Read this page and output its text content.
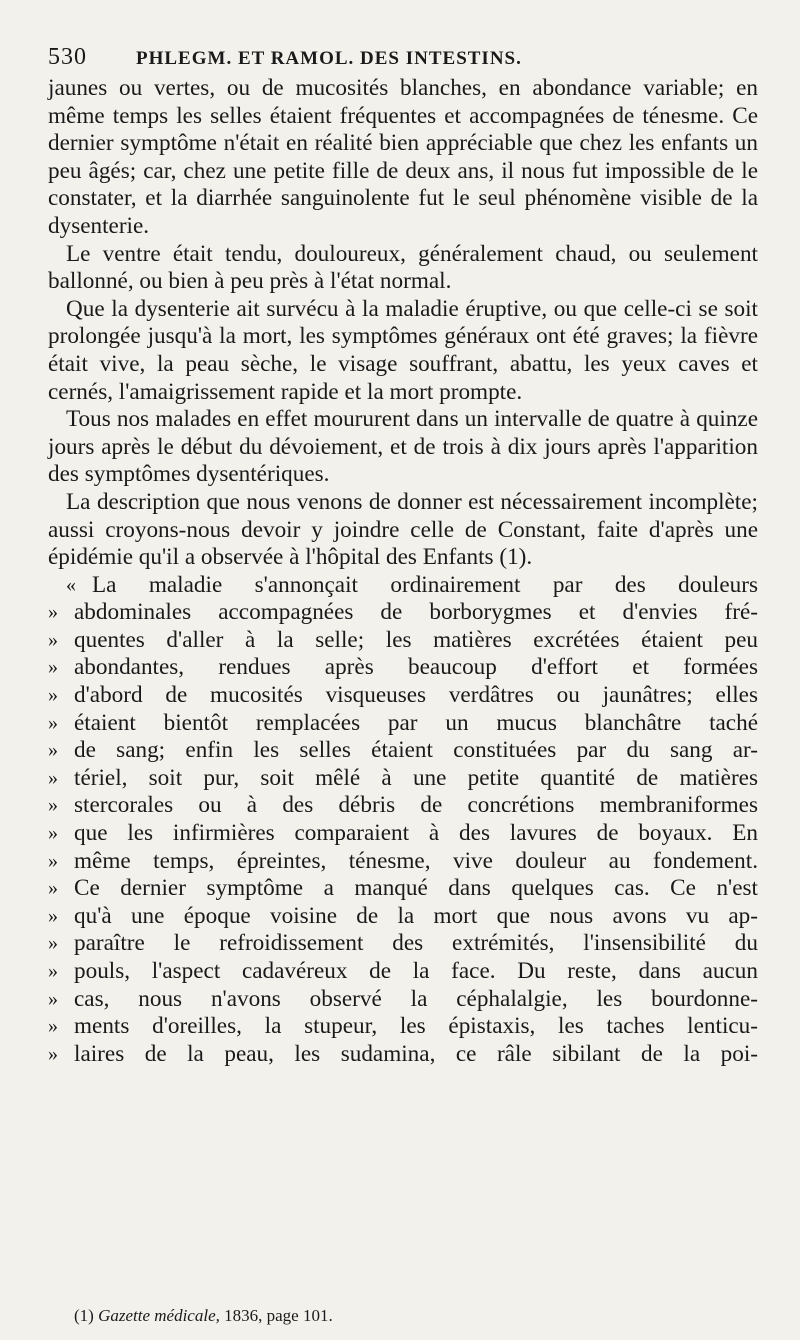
530	PHLEGM. ET RAMOL. DES INTESTINS.

jaunes ou vertes, ou de mucosités blanches, en abondance variable; en même temps les selles étaient fréquentes et accompagnées de ténesme. Ce dernier symptôme n'était en réalité bien appréciable que chez les enfants un peu âgés; car, chez une petite fille de deux ans, il nous fut impossible de le constater, et la diarrhée sanguinolente fut le seul phénomène visible de la dysenterie.

Le ventre était tendu, douloureux, généralement chaud, ou seulement ballonné, ou bien à peu près à l'état normal.

Que la dysenterie ait survécu à la maladie éruptive, ou que celle-ci se soit prolongée jusqu'à la mort, les symptômes généraux ont été graves; la fièvre était vive, la peau sèche, le visage souffrant, abattu, les yeux caves et cernés, l'amaigrissement rapide et la mort prompte.

Tous nos malades en effet moururent dans un intervalle de quatre à quinze jours après le début du dévoiement, et de trois à dix jours après l'apparition des symptômes dysentériques.

La description que nous venons de donner est nécessairement incomplète; aussi croyons-nous devoir y joindre celle de Constant, faite d'après une épidémie qu'il a observée à l'hôpital des Enfants (1).

« La maladie s'annonçait ordinairement par des douleurs
» abdominales accompagnées de borborygmes et d'envies fré-
» quentes d'aller à la selle; les matières excrétées étaient peu
» abondantes, rendues après beaucoup d'effort et formées
» d'abord de mucosités visqueuses verdâtres ou jaunâtres; elles
» étaient bientôt remplacées par un mucus blanchâtre taché
» de sang; enfin les selles étaient constituées par du sang ar-
» tériel, soit pur, soit mêlé à une petite quantité de matières
» stercorales ou à des débris de concrétions membraniformes
» que les infirmières comparaient à des lavures de boyaux. En
» même temps, épreintes, ténesme, vive douleur au fondement.
» Ce dernier symptôme a manqué dans quelques cas. Ce n'est
» qu'à une époque voisine de la mort que nous avons vu ap-
» paraître le refroidissement des extrémités, l'insensibilité du
» pouls, l'aspect cadavéreux de la face. Du reste, dans aucun
» cas, nous n'avons observé la céphalalgie, les bourdonne-
» ments d'oreilles, la stupeur, les épistaxis, les taches lenticu-
» laires de la peau, les sudamina, ce râle sibilant de la poi-
(1) Gazette médicale, 1836, page 101.
